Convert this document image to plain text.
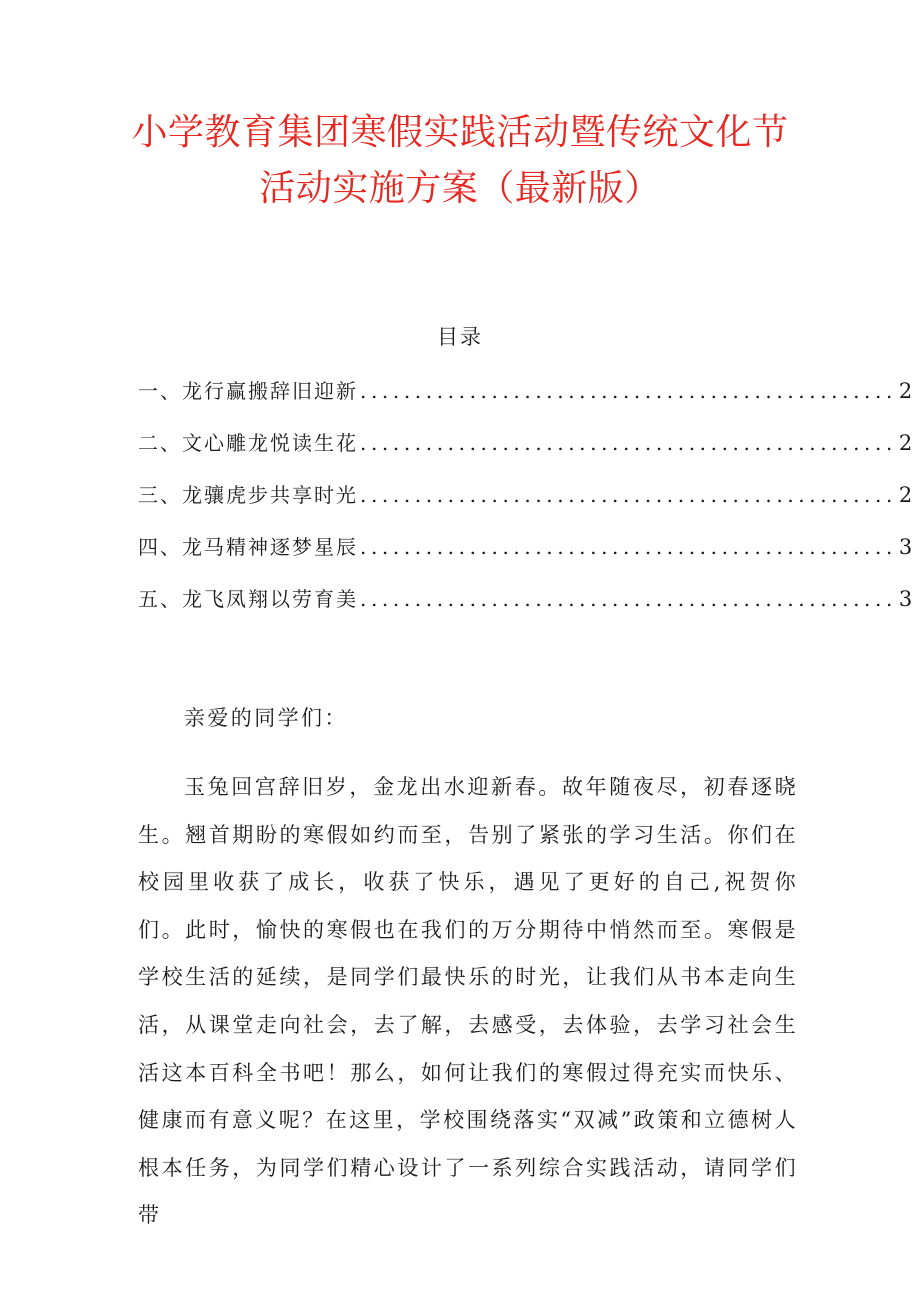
小学教育集团寒假实践活动暨传统文化节
活动实施方案（最新版）
目录
一、龙行赢搬辞旧迎新 ................................................. 2
二、文心雕龙悦读生花 ................................................. 2
三、龙骧虎步共享时光 ................................................. 2
四、龙马精神逐梦星辰 ................................................. 3
五、龙飞凤翔以劳育美 ................................................. 3
亲爱的同学们：
玉兔回宫辞旧岁，金龙出水迎新春。故年随夜尽，初春逐晓生。翘首期盼的寒假如约而至，告别了紧张的学习生活。你们在校园里收获了成长，收获了快乐，遇见了更好的自己,祝贺你们。此时，愉快的寒假也在我们的万分期待中悄然而至。寒假是学校生活的延续，是同学们最快乐的时光，让我们从书本走向生活，从课堂走向社会，去了解，去感受，去体验，去学习社会生活这本百科全书吧！那么，如何让我们的寒假过得充实而快乐、健康而有意义呢？在这里，学校围绕落实“双减”政策和立德树人根本任务，为同学们精心设计了一系列综合实践活动，请同学们带
